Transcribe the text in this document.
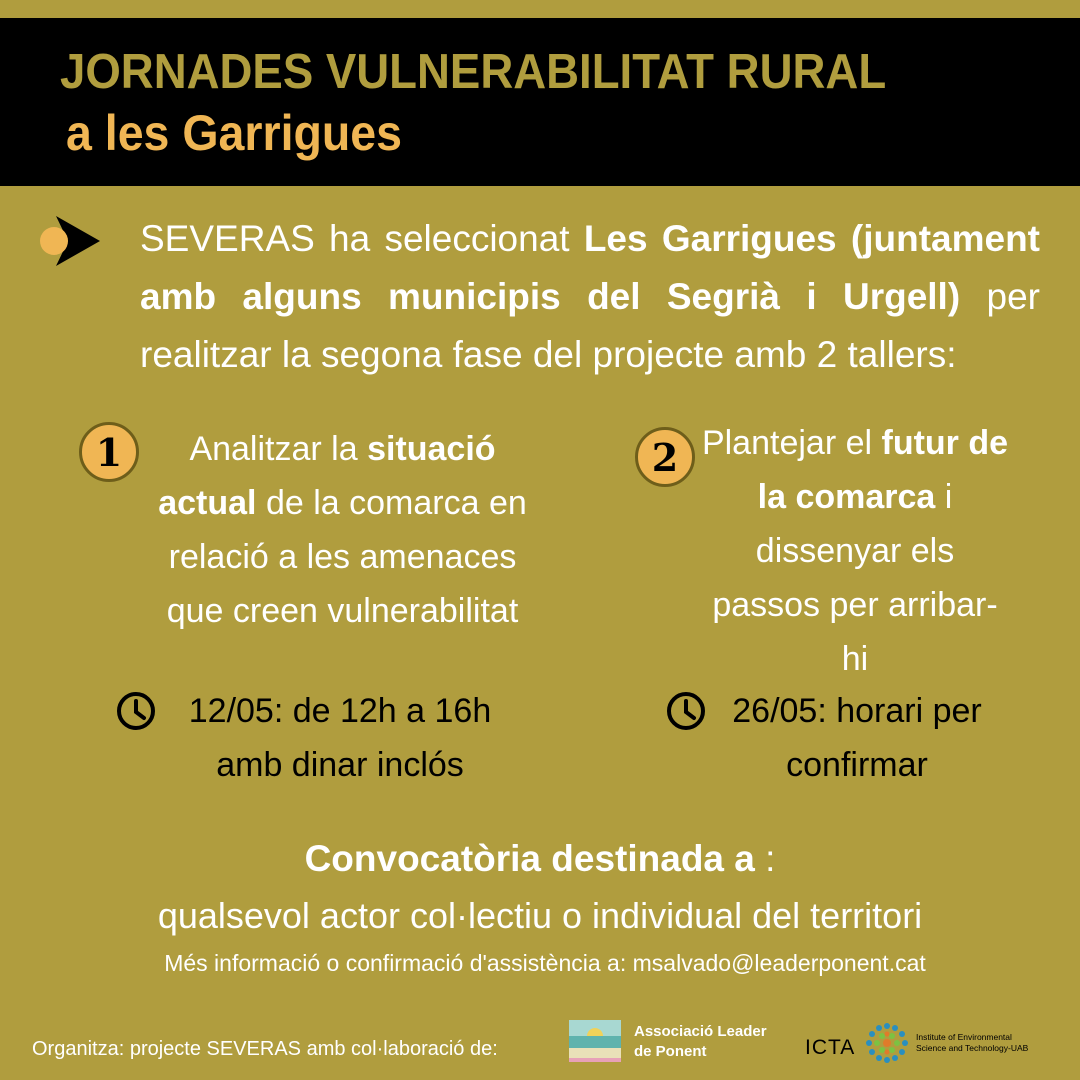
JORNADES VULNERABILITAT RURAL
a les Garrigues
SEVERAS ha seleccionat Les Garrigues (juntament amb alguns municipis del Segrià i Urgell) per realitzar la segona fase del projecte amb 2 tallers:
1	Analitzar la situació actual de la comarca en relació a les amenaces que creen vulnerabilitat
2 Plantejar el futur de la comarca i dissenyar els passos per arribar-hi
12/05: de 12h a 16h
amb dinar inclós
26/05: horari per
confirmar
Convocatòria destinada a :
qualsevol actor col·lectiu o individual del territori
Més informació o confirmació d'assistència a: msalvado@leaderponent.cat
Organitza: projecte SEVERAS amb col·laboració de:
Associació Leader
de Ponent	ICTA	Institute of Environmental
Science and Technology-UAB
